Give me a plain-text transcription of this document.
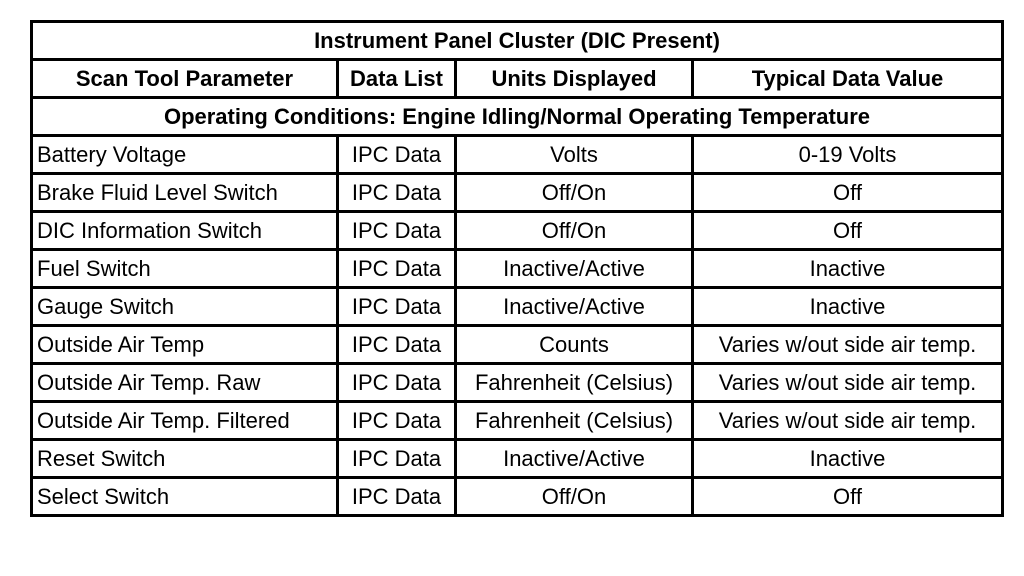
Instrument Panel Cluster (DIC Present)			
Scan Tool Parameter	Data List	Units Displayed	Typical Data Value
Operating Conditions: Engine Idling/Normal Operating Temperature			
Battery Voltage	IPC Data	Volts	0-19 Volts
Brake Fluid Level Switch	IPC Data	Off/On	Off
DIC Information Switch	IPC Data	Off/On	Off
Fuel Switch	IPC Data	Inactive/Active	Inactive
Gauge Switch	IPC Data	Inactive/Active	Inactive
Outside Air Temp	IPC Data	Counts	Varies w/out side air temp.
Outside Air Temp. Raw	IPC Data	Fahrenheit (Celsius)	Varies w/out side air temp.
Outside Air Temp. Filtered	IPC Data	Fahrenheit (Celsius)	Varies w/out side air temp.
Reset Switch	IPC Data	Inactive/Active	Inactive
Select Switch	IPC Data	Off/On	Off
